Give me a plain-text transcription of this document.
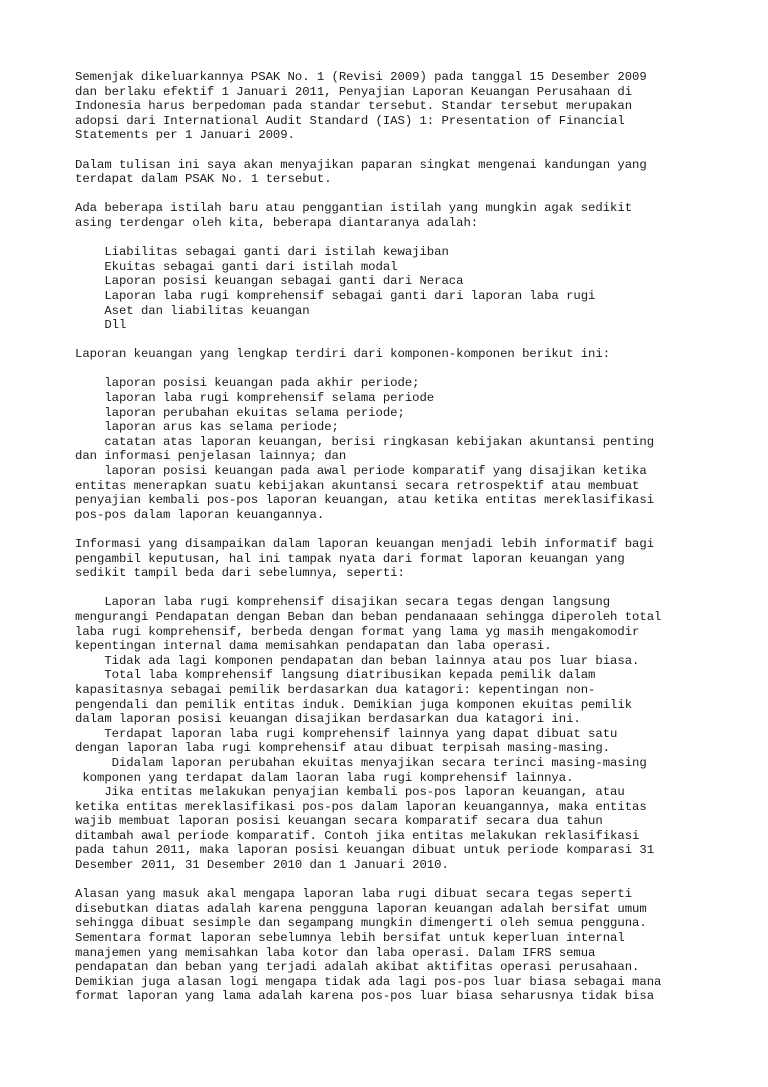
Semenjak dikeluarkannya PSAK No. 1 (Revisi 2009) pada tanggal 15 Desember 2009
dan berlaku efektif 1 Januari 2011, Penyajian Laporan Keuangan Perusahaan di
Indonesia harus berpedoman pada standar tersebut. Standar tersebut merupakan
adopsi dari International Audit Standard (IAS) 1: Presentation of Financial
Statements per 1 Januari 2009.
Dalam tulisan ini saya akan menyajikan paparan singkat mengenai kandungan yang
terdapat dalam PSAK No. 1 tersebut.
Ada beberapa istilah baru atau penggantian istilah yang mungkin agak sedikit
asing terdengar oleh kita, beberapa diantaranya adalah:
Liabilitas sebagai ganti dari istilah kewajiban
Ekuitas sebagai ganti dari istilah modal
Laporan posisi keuangan sebagai ganti dari Neraca
Laporan laba rugi komprehensif sebagai ganti dari laporan laba rugi
Aset dan liabilitas keuangan
Dll
Laporan keuangan yang lengkap terdiri dari komponen-komponen berikut ini:
laporan posisi keuangan pada akhir periode;
laporan laba rugi komprehensif selama periode
laporan perubahan ekuitas selama periode;
laporan arus kas selama periode;
catatan atas laporan keuangan, berisi ringkasan kebijakan akuntansi penting
dan informasi penjelasan lainnya; dan
laporan posisi keuangan pada awal periode komparatif yang disajikan ketika
entitas menerapkan suatu kebijakan akuntansi secara retrospektif atau membuat
penyajian kembali pos-pos laporan keuangan, atau ketika entitas mereklasifikasi
pos-pos dalam laporan keuangannya.
Informasi yang disampaikan dalam laporan keuangan menjadi lebih informatif bagi
pengambil keputusan, hal ini tampak nyata dari format laporan keuangan yang
sedikit tampil beda dari sebelumnya, seperti:
Laporan laba rugi komprehensif disajikan secara tegas dengan langsung
mengurangi Pendapatan dengan Beban dan beban pendanaaan sehingga diperoleh total
laba rugi komprehensif, berbeda dengan format yang lama yg masih mengakomodir
kepentingan internal dama memisahkan pendapatan dan laba operasi.
Tidak ada lagi komponen pendapatan dan beban lainnya atau pos luar biasa.
Total laba komprehensif langsung diatribusikan kepada pemilik dalam
kapasitasnya sebagai pemilik berdasarkan dua katagori: kepentingan non-
pengendali dan pemilik entitas induk. Demikian juga komponen ekuitas pemilik
dalam laporan posisi keuangan disajikan berdasarkan dua katagori ini.
Terdapat laporan laba rugi komprehensif lainnya yang dapat dibuat satu
dengan laporan laba rugi komprehensif atau dibuat terpisah masing-masing.
Didalam laporan perubahan ekuitas menyajikan secara terinci masing-masing
komponen yang terdapat dalam laoran laba rugi komprehensif lainnya.
Jika entitas melakukan penyajian kembali pos-pos laporan keuangan, atau
ketika entitas mereklasifikasi pos-pos dalam laporan keuangannya, maka entitas
wajib membuat laporan posisi keuangan secara komparatif secara dua tahun
ditambah awal periode komparatif. Contoh jika entitas melakukan reklasifikasi
pada tahun 2011, maka laporan posisi keuangan dibuat untuk periode komparasi 31
Desember 2011, 31 Desember 2010 dan 1 Januari 2010.
Alasan yang masuk akal mengapa laporan laba rugi dibuat secara tegas seperti
disebutkan diatas adalah karena pengguna laporan keuangan adalah bersifat umum
sehingga dibuat sesimple dan segampang mungkin dimengerti oleh semua pengguna.
Sementara format laporan sebelumnya lebih bersifat untuk keperluan internal
manajemen yang memisahkan laba kotor dan laba operasi. Dalam IFRS semua
pendapatan dan beban yang terjadi adalah akibat aktifitas operasi perusahaan.
Demikian juga alasan logi mengapa tidak ada lagi pos-pos luar biasa sebagai mana
format laporan yang lama adalah karena pos-pos luar biasa seharusnya tidak bisa
